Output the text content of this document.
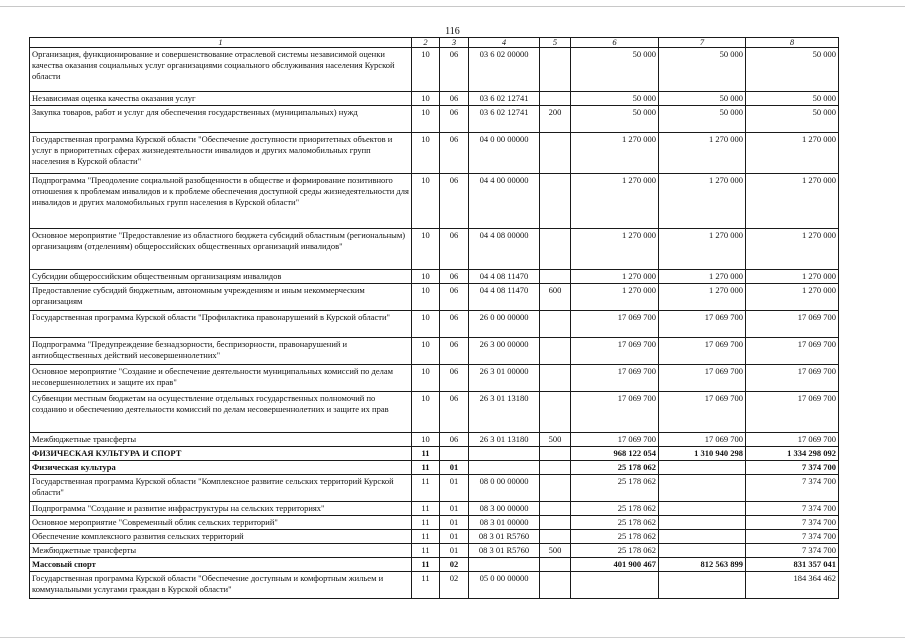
116
1	2	3	4	5	6	7	8
Организация, функционирование и совершенствование отраслевой системы независимой оценки качества оказания социальных услуг организациями социального обслуживания населения Курской области	10	06	03 6 02 00000		50 000	50 000	50 000
Независимая оценка качества оказания услуг	10	06	03 6 02 12741		50 000	50 000	50 000
Закупка товаров, работ и услуг для обеспечения государственных (муниципальных) нужд	10	06	03 6 02 12741	200	50 000	50 000	50 000
Государственная программа Курской области "Обеспечение доступности приоритетных объектов и услуг в приоритетных сферах жизнедеятельности инвалидов и других маломобильных групп населения в Курской области"	10	06	04 0 00 00000		1 270 000	1 270 000	1 270 000
Подпрограмма "Преодоление социальной разобщенности в обществе и формирование позитивного отношения к проблемам инвалидов и к проблеме обеспечения доступной среды жизнедеятельности для инвалидов и других маломобильных групп населения в Курской области"	10	06	04 4 00 00000		1 270 000	1 270 000	1 270 000
Основное мероприятие "Предоставление из областного бюджета субсидий областным (региональным) организациям (отделениям) общероссийских общественных организаций инвалидов"	10	06	04 4 08 00000		1 270 000	1 270 000	1 270 000
Субсидии общероссийским общественным организациям инвалидов	10	06	04 4 08 11470		1 270 000	1 270 000	1 270 000
Предоставление субсидий бюджетным, автономным учреждениям и иным некоммерческим организациям	10	06	04 4 08 11470	600	1 270 000	1 270 000	1 270 000
Государственная программа Курской области "Профилактика правонарушений в Курской области"	10	06	26 0 00 00000		17 069 700	17 069 700	17 069 700
Подпрограмма "Предупреждение безнадзорности, беспризорности, правонарушений и антиобщественных действий несовершеннолетних"	10	06	26 3 00 00000		17 069 700	17 069 700	17 069 700
Основное мероприятие "Создание и обеспечение деятельности муниципальных комиссий по делам несовершеннолетних и защите их прав"	10	06	26 3 01 00000		17 069 700	17 069 700	17 069 700
Субвенции местным бюджетам на осуществление отдельных государственных полномочий по созданию и обеспечению деятельности комиссий по делам несовершеннолетних и защите их прав	10	06	26 3 01 13180		17 069 700	17 069 700	17 069 700
Межбюджетные трансферты	10	06	26 3 01 13180	500	17 069 700	17 069 700	17 069 700
ФИЗИЧЕСКАЯ КУЛЬТУРА И СПОРТ	11				968 122 054	1 310 940 298	1 334 298 092
Физическая культура	11	01			25 178 062		7 374 700
Государственная программа Курской области "Комплексное развитие сельских территорий Курской области"	11	01	08 0 00 00000		25 178 062		7 374 700
Подпрограмма "Создание и развитие инфраструктуры на сельских территориях"	11	01	08 3 00 00000		25 178 062		7 374 700
Основное мероприятие "Современный облик сельских территорий"	11	01	08 3 01 00000		25 178 062		7 374 700
Обеспечение комплексного развития сельских территорий	11	01	08 3 01 R5760		25 178 062		7 374 700
Межбюджетные трансферты	11	01	08 3 01 R5760	500	25 178 062		7 374 700
Массовый спорт	11	02			401 900 467	812 563 899	831 357 041
Государственная программа Курской области "Обеспечение доступным и комфортным жильем и коммунальными услугами граждан в Курской области"	11	02	05 0 00 00000				184 364 462
